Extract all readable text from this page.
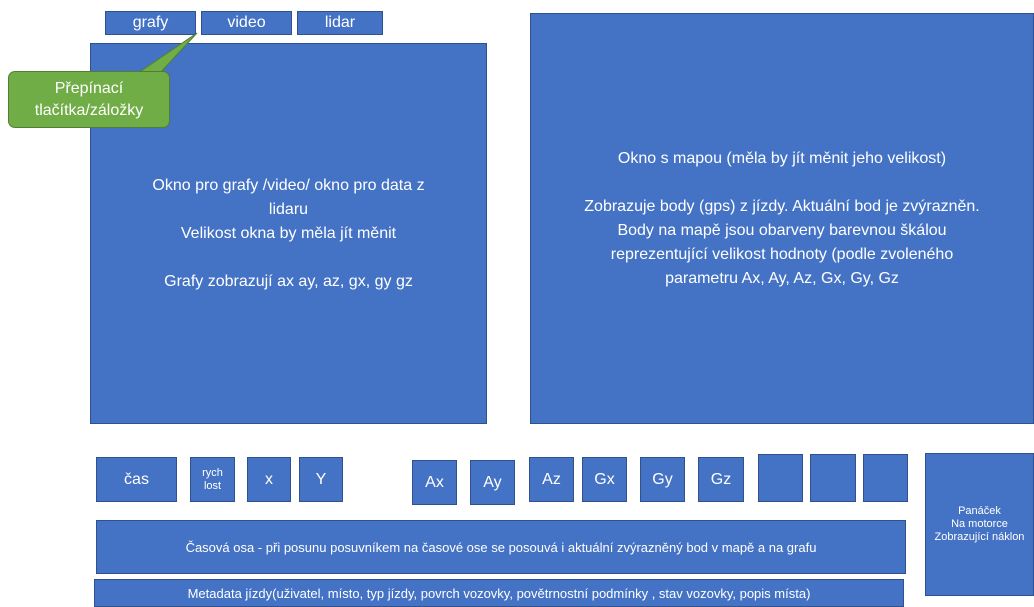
grafy	video	lidar
Okno pro grafy /video/ okno pro data z
lidaru
Velikost okna by měla jít měnit
Grafy zobrazují ax ay, az, gx, gy gz
Přepínací
tlačítka/záložky
Okno s mapou (měla by jít měnit jeho velikost)
Zobrazuje body (gps) z jízdy. Aktuální bod je zvýrazněn.
Body na mapě jsou obarveny barevnou škálou
reprezentující velikost hodnoty (podle zvoleného
parametru Ax, Ay, Az, Gx, Gy, Gz
čas	rych
lost	x	Y	Ax Ay	Az Gx Gy Gz
Panáček
Na motorce
Zobrazující náklon
Časová osa - při posunu posuvníkem na časové ose se posouvá i aktuální zvýrazněný bod v mapě a na grafu
Metadata jízdy(uživatel, místo, typ jízdy, povrch vozovky, povětrnostní podmínky , stav vozovky, popis místa)
